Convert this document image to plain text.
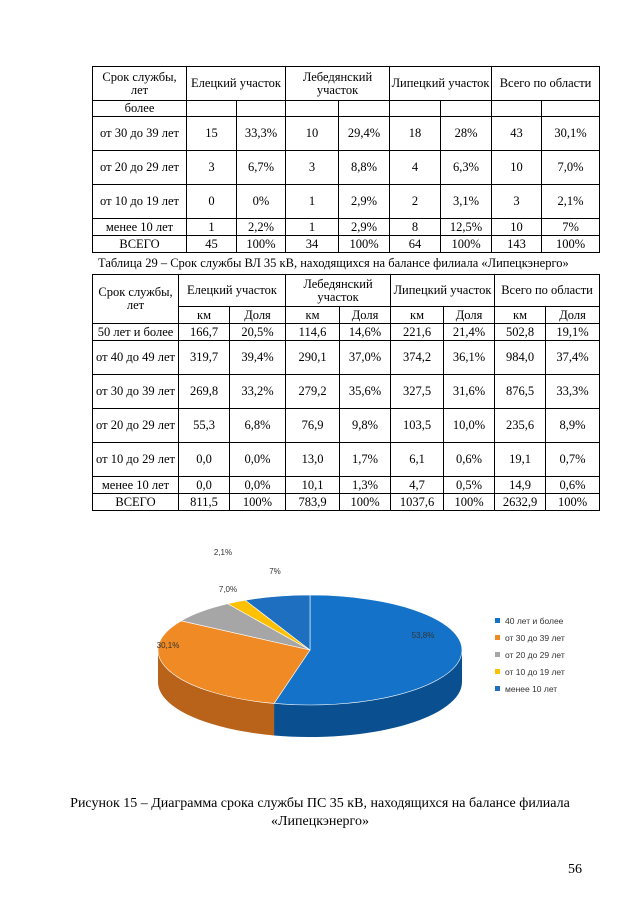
Срок службы, лет	Елецкий участок		Лебедянский участок		Липецкий участок		Всего по области	
более								
от 30 до 39 лет	15	33,3%	10	29,4%	18	28%	43	30,1%
от 20 до 29 лет	3	6,7%	3	8,8%	4	6,3%	10	7,0%
от 10 до 19 лет	0	0%	1	2,9%	2	3,1%	3	2,1%
менее 10 лет	1	2,2%	1	2,9%	8	12,5%	10	7%
ВСЕГО	45	100%	34	100%	64	100%	143	100%
Таблица 29 – Срок службы ВЛ 35 кВ, находящихся на балансе филиала «Липецкэнерго»
Срок службы, лет	Елецкий участок		Лебедянский участок		Липецкий участок		Всего по области	
	км	Доля	км	Доля	км	Доля	км	Доля
50 лет и более	166,7	20,5%	114,6	14,6%	221,6	21,4%	502,8	19,1%
от 40 до 49 лет	319,7	39,4%	290,1	37,0%	374,2	36,1%	984,0	37,4%
от 30 до 39 лет	269,8	33,2%	279,2	35,6%	327,5	31,6%	876,5	33,3%
от 20 до 29 лет	55,3	6,8%	76,9	9,8%	103,5	10,0%	235,6	8,9%
от 10 до 29 лет	0,0	0,0%	13,0	1,7%	6,1	0,6%	19,1	0,7%
менее 10 лет	0,0	0,0%	10,1	1,3%	4,7	0,5%	14,9	0,6%
ВСЕГО	811,5	100%	783,9	100%	1037,6	100%	2632,9	100%
53,8%
30,1%
7,0%
2,1%
7%
40 лет и более
от 30 до 39 лет
от 20 до 29 лет
от 10 до 19 лет
менее 10 лет
Рисунок 15 – Диаграмма срока службы ПС 35 кВ, находящихся на балансе филиала «Липецкэнерго»
56
